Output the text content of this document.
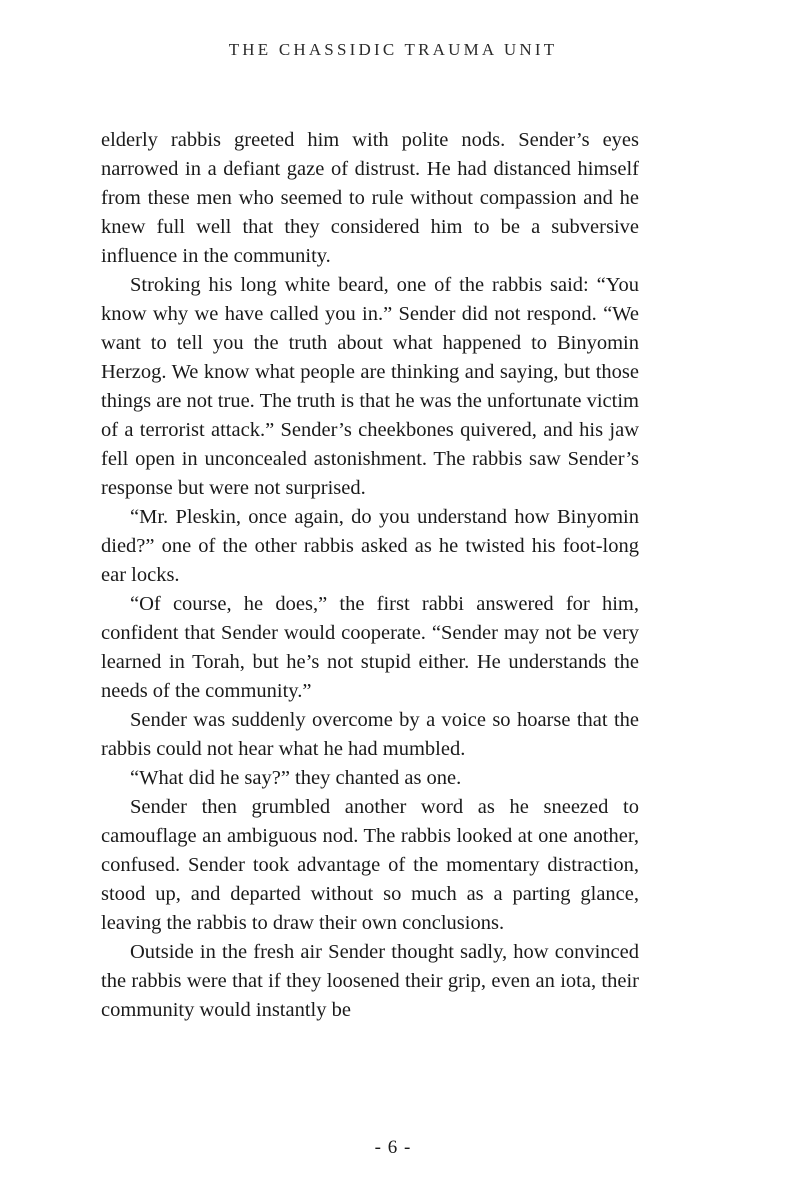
THE CHASSIDIC TRAUMA UNIT

elderly rabbis greeted him with polite nods. Sender’s eyes narrowed in a defiant gaze of distrust. He had distanced himself from these men who seemed to rule without compassion and he knew full well that they considered him to be a subversive influence in the community.

Stroking his long white beard, one of the rabbis said: “You know why we have called you in.” Sender did not respond. “We want to tell you the truth about what happened to Binyomin Herzog. We know what people are thinking and saying, but those things are not true. The truth is that he was the unfortunate victim of a terrorist attack.” Sender’s cheekbones quivered, and his jaw fell open in unconcealed astonishment. The rabbis saw Sender’s response but were not surprised.

“Mr. Pleskin, once again, do you understand how Binyomin died?” one of the other rabbis asked as he twisted his foot-long ear locks.

“Of course, he does,” the first rabbi answered for him, confident that Sender would cooperate. “Sender may not be very learned in Torah, but he’s not stupid either. He understands the needs of the community.”

Sender was suddenly overcome by a voice so hoarse that the rabbis could not hear what he had mumbled.

“What did he say?” they chanted as one.

Sender then grumbled another word as he sneezed to camouflage an ambiguous nod. The rabbis looked at one another, confused. Sender took advantage of the momentary distraction, stood up, and departed without so much as a parting glance, leaving the rabbis to draw their own conclusions.

Outside in the fresh air Sender thought sadly, how convinced the rabbis were that if they loosened their grip, even an iota, their community would instantly be

- 6 -
